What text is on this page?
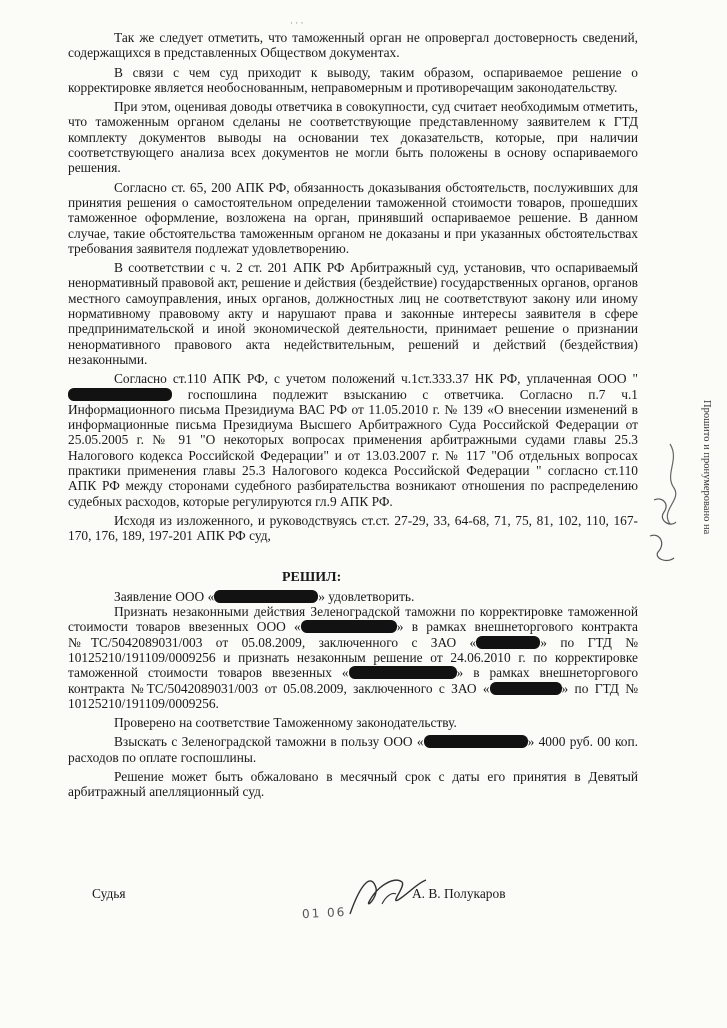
· · ·

Так же следует отметить, что таможенный орган не опровергал достоверность сведений, содержащихся в представленных Обществом документах.

В связи с чем суд приходит к выводу, таким образом, оспариваемое решение о корректировке является необоснованным, неправомерным и противоречащим законодательству.

При этом, оценивая доводы ответчика в совокупности, суд считает необходимым отметить, что таможенным органом сделаны не соответствующие представленному заявителем к ГТД комплекту документов выводы на основании тех доказательств, которые, при наличии соответствующего анализа всех документов не могли быть положены в основу оспариваемого решения.

Согласно ст. 65, 200 АПК РФ, обязанность доказывания обстоятельств, послуживших для принятия решения о самостоятельном определении таможенной стоимости товаров, прошедших таможенное оформление, возложена на орган, принявший оспариваемое решение. В данном случае, такие обстоятельства таможенным органом не доказаны и при указанных обстоятельствах требования заявителя подлежат удовлетворению.

В соответствии с ч. 2 ст. 201 АПК РФ Арбитражный суд, установив, что оспариваемый ненормативный правовой акт, решение и действия (бездействие) государственных органов, органов местного самоуправления, иных органов, должностных лиц не соответствуют закону или иному нормативному правовому акту и нарушают права и законные интересы заявителя в сфере предпринимательской и иной экономической деятельности, принимает решение о признании ненормативного правового акта недействительным, решений и действий (бездействия) незаконными.

Согласно ст.110 АПК РФ, с учетом положений ч.1ст.333.37 НК РФ, уплаченная ООО " госпошлина подлежит взысканию с ответчика. Согласно п.7 ч.1 Информационного письма Президиума ВАС РФ от 11.05.2010 г. № 139 «О внесении изменений в информационные письма Президиума Высшего Арбитражного Суда Российской Федерации от 25.05.2005 г. № 91 "О некоторых вопросах применения арбитражными судами главы 25.3 Налогового кодекса Российской Федерации" и от 13.03.2007 г. № 117 "Об отдельных вопросах практики применения главы 25.3 Налогового кодекса Российской Федерации " согласно ст.110 АПК РФ между сторонами судебного разбирательства возникают отношения по распределению судебных расходов, которые регулируются гл.9 АПК РФ.

Исходя из изложенного, и руководствуясь ст.ст. 27-29, 33, 64-68, 71, 75, 81, 102, 110, 167-170, 176, 189, 197-201 АПК РФ суд,

РЕШИЛ:

Заявление ООО «	» удовлетворить.

Признать незаконными действия Зеленоградской таможни по корректировке таможенной стоимости товаров ввезенных ООО «	» в рамках внешнеторгового контракта №ТС/5042089031/003 от 05.08.2009, заключенного с ЗАО «	» по ГТД № 10125210/191109/0009256 и признать незаконным решение от 24.06.2010 г. по корректировке таможенной стоимости товаров ввезенных «	» в рамках внешнеторгового контракта №ТС/5042089031/003 от 05.08.2009, заключенного с ЗАО «	» по ГТД № 10125210/191109/0009256.

Проверено на соответствие Таможенному законодательству.

Взыскать с Зеленоградской таможни в пользу ООО «	» 4000 руб. 00 коп. расходов по оплате госпошлины.

Решение может быть обжаловано в месячный срок с даты его принятия в Девятый арбитражный апелляционный суд.

Судья	А. В. Полукаров
01 06
Прошито и пронумеровано на
